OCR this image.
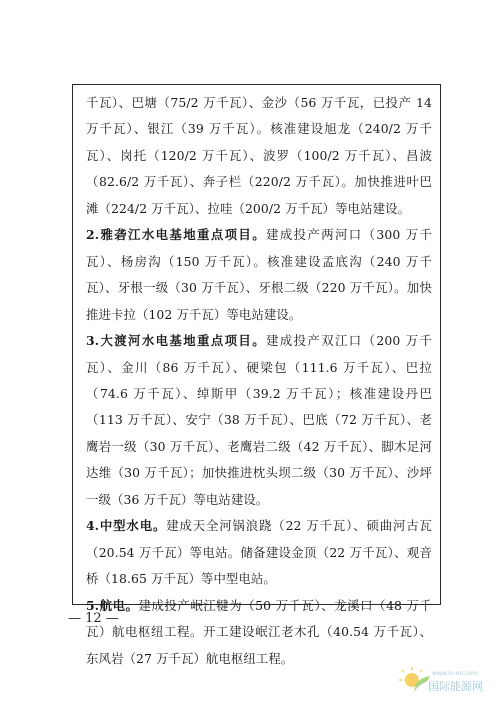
千瓦）、巴塘（75/2 万千瓦）、金沙（56 万千瓦，已投产 14 万千瓦）、银江（39 万千瓦）。核准建设旭龙（240/2 万千瓦）、岗托（120/2 万千瓦）、波罗（100/2 万千瓦）、昌波（82.6/2 万千瓦）、奔子栏（220/2 万千瓦）。加快推进叶巴滩（224/2 万千瓦）、拉哇（200/2 万千瓦）等电站建设。

2.雅砻江水电基地重点项目。建成投产两河口（300 万千瓦）、杨房沟（150 万千瓦）。核准建设孟底沟（240 万千瓦）、牙根一级（30 万千瓦）、牙根二级（220 万千瓦）。加快推进卡拉（102 万千瓦）等电站建设。

3.大渡河水电基地重点项目。建成投产双江口（200 万千瓦）、金川（86 万千瓦）、硬梁包（111.6 万千瓦）、巴拉（74.6 万千瓦）、绰斯甲（39.2 万千瓦）；核准建设丹巴（113 万千瓦）、安宁（38 万千瓦）、巴底（72 万千瓦）、老鹰岩一级（30 万千瓦）、老鹰岩二级（42 万千瓦）、脚木足河达维（30 万千瓦）；加快推进枕头坝二级（30 万千瓦）、沙坪一级（36 万千瓦）等电站建设。

4.中型水电。建成天全河锅浪跷（22 万千瓦）、硕曲河古瓦（20.54 万千瓦）等电站。储备建设金顶（22 万千瓦）、观音桥（18.65 万千瓦）等中型电站。

5.航电。建成投产岷江犍为（50 万千瓦）、龙溪口（48 万千瓦）航电枢纽工程。开工建设岷江老木孔（40.54 万千瓦）、东风岩（27 万千瓦）航电枢纽工程。

— 12 —
www.in-en.com
国际能源网
